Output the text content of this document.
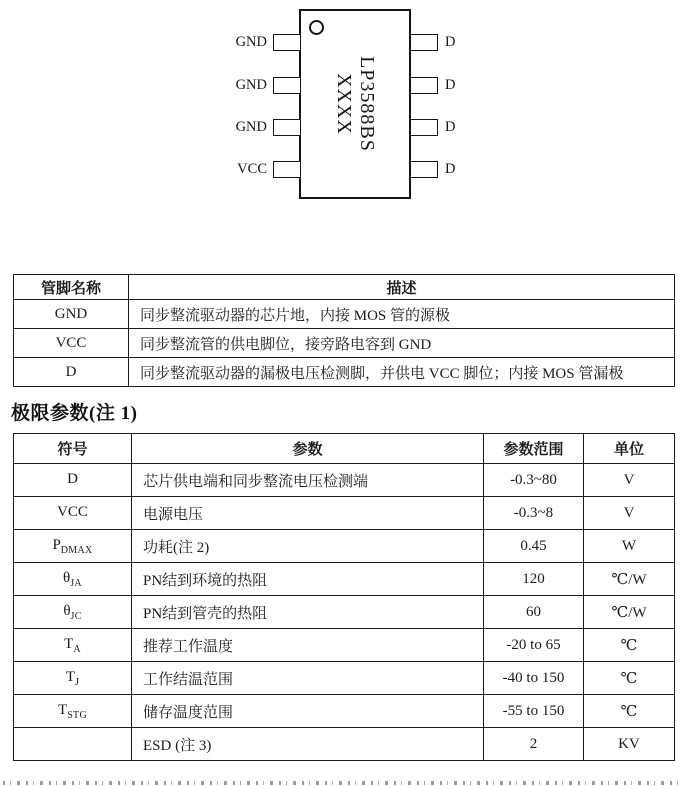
LP3588BS
XXXX
GND
GND
GND
VCC
D
D
D
D
管脚名称	描述
GND	同步整流驱动器的芯片地，内接 MOS 管的源极
VCC	同步整流管的供电脚位，接旁路电容到 GND
D	同步整流驱动器的漏极电压检测脚，并供电 VCC 脚位；内接 MOS 管漏极
极限参数(注 1)
符号	参数	参数范围	单位
D	芯片供电端和同步整流电压检测端	-0.3~80	V
VCC	电源电压	-0.3~8	V
$P_{DMAX}$	功耗(注 2)	0.45	W
$\theta_{JA}$	PN结到环境的热阻	120	℃/W
$\theta_{JC}$	PN结到管壳的热阻	60	℃/W
$T_A$	推荐工作温度	-20 to 65	℃
$T_J$	工作结温范围	-40 to 150	℃
$T_{STG}$	储存温度范围	-55 to 150	℃
	ESD (注 3)	2	KV
